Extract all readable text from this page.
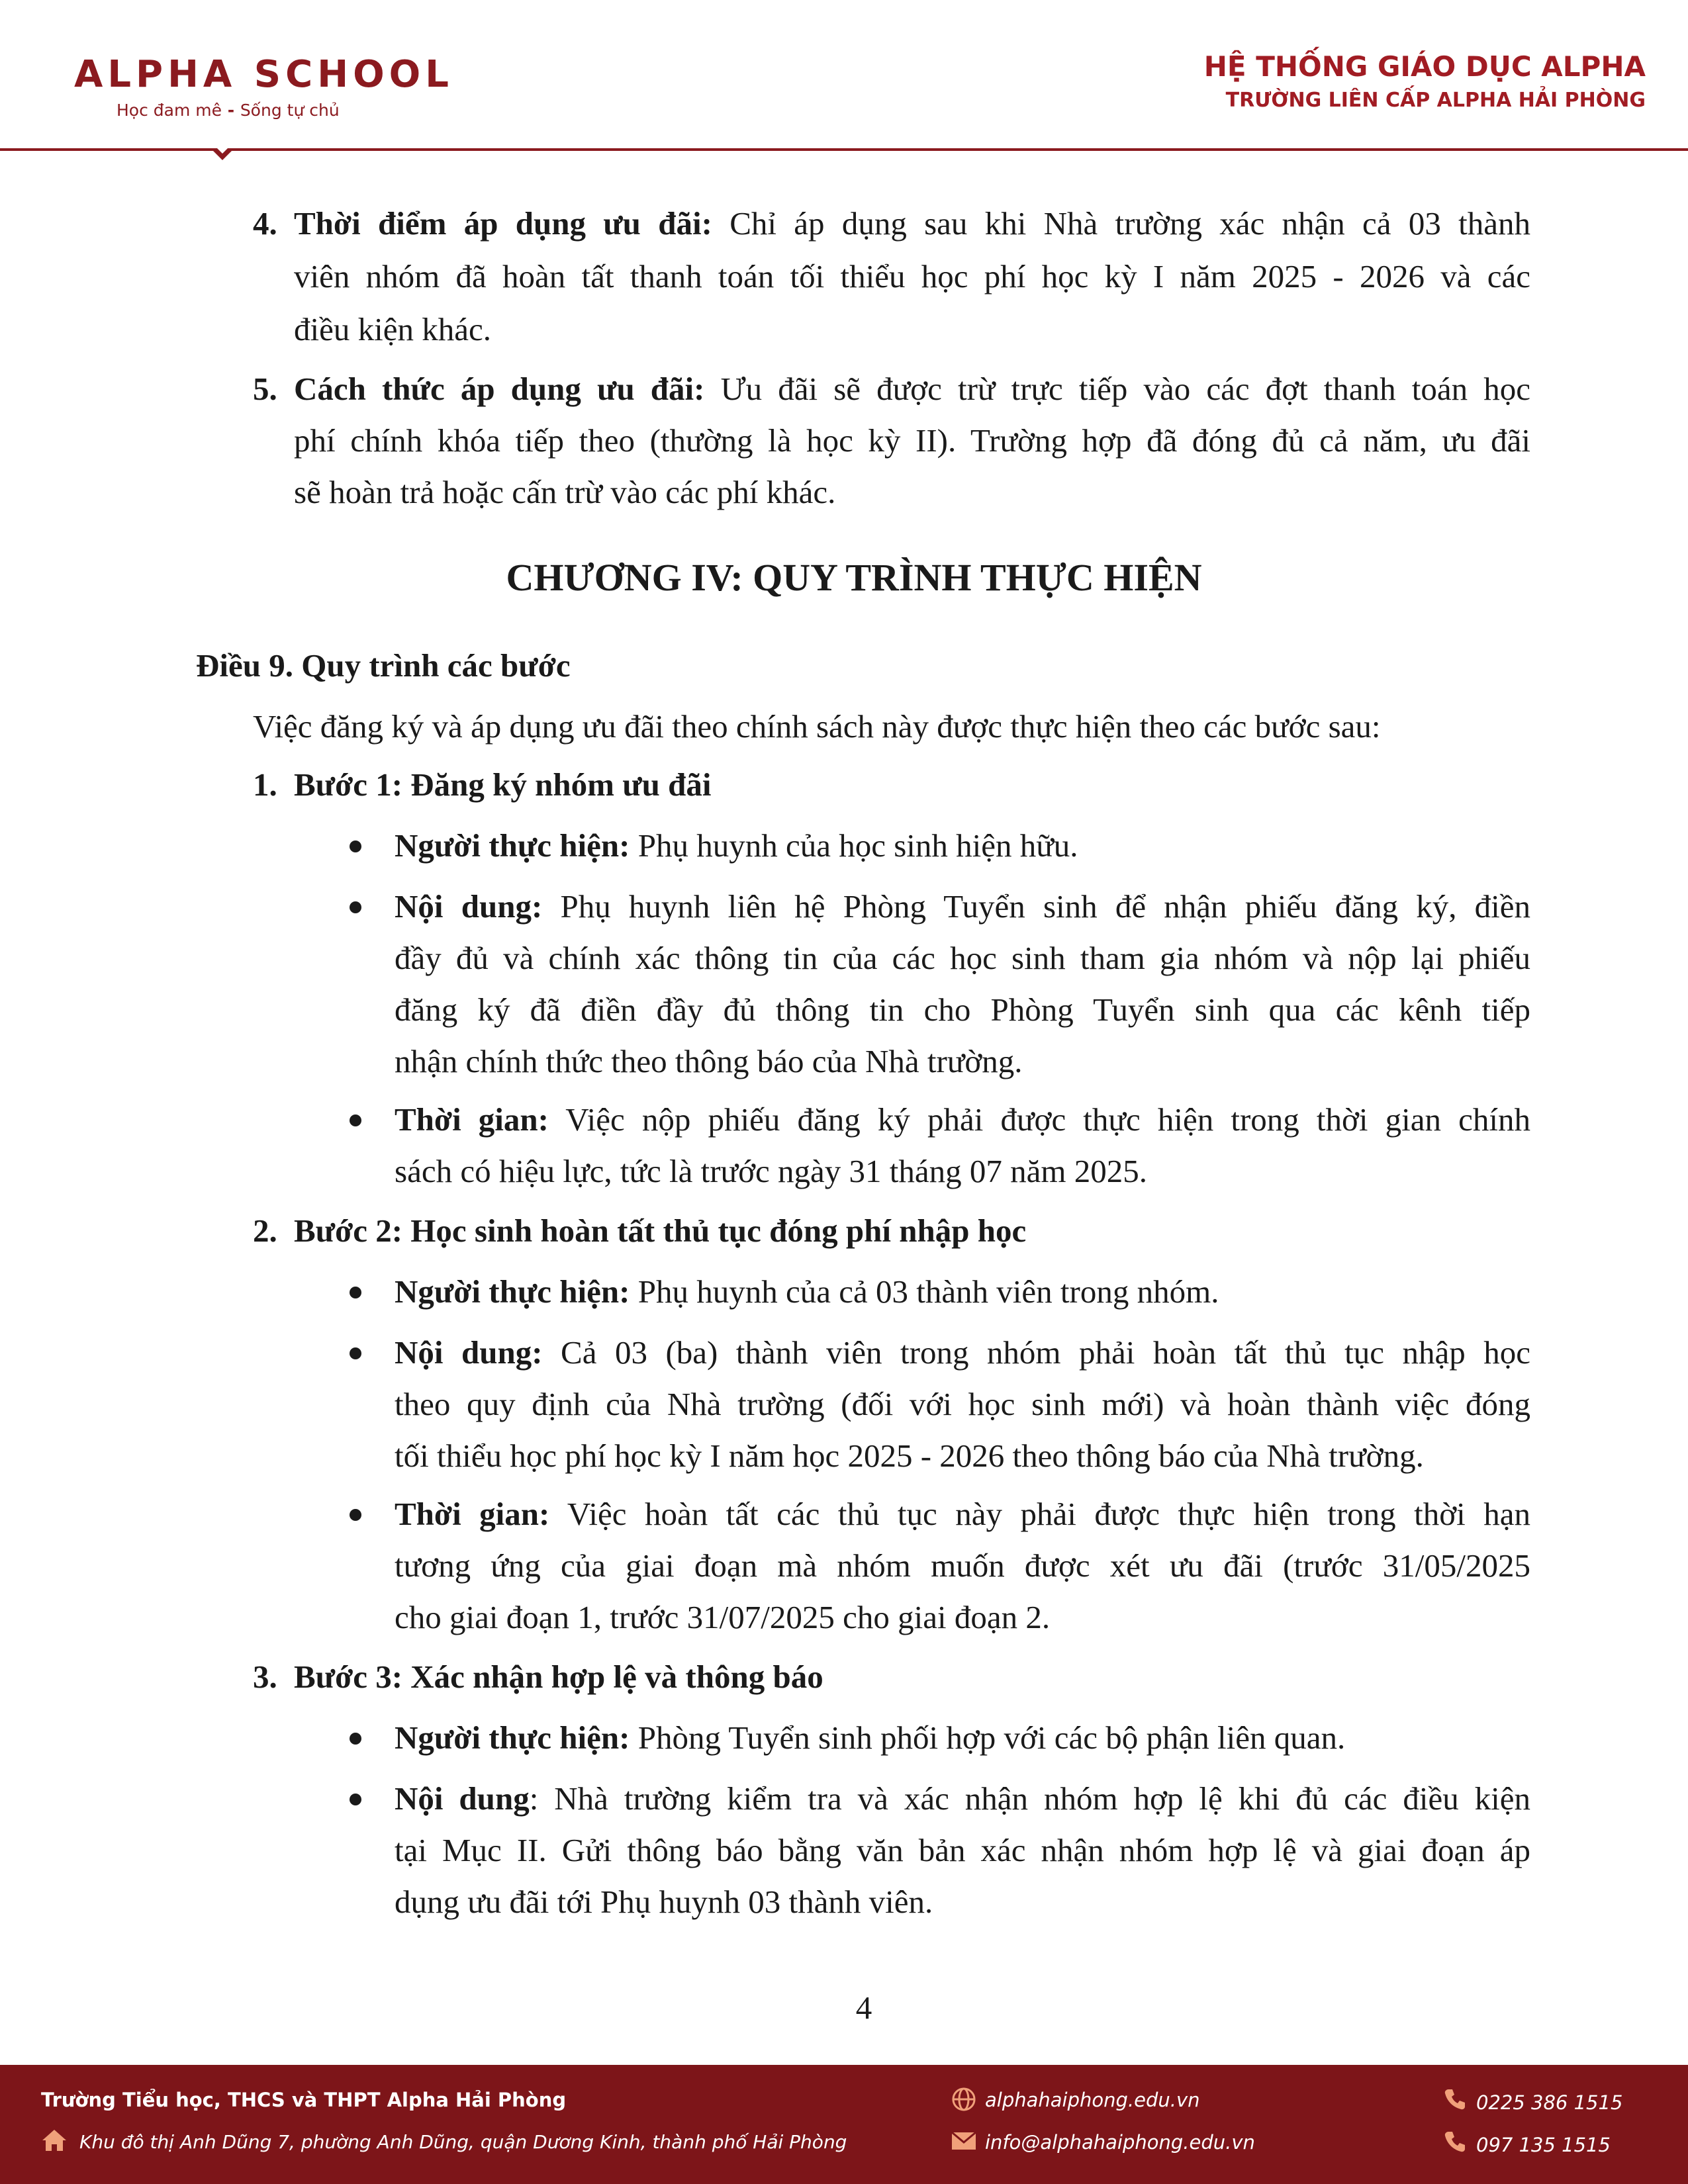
ALPHA SCHOOL
Học đam mê - Sống tự chủ
HỆ THỐNG GIÁO DỤC ALPHA
TRƯỜNG LIÊN CẤP ALPHA HẢI PHÒNG
4. Thời điểm áp dụng ưu đãi: Chỉ áp dụng sau khi Nhà trường xác nhận cả 03 thành
viên nhóm đã hoàn tất thanh toán tối thiểu học phí học kỳ I năm 2025 - 2026 và các
điều kiện khác.
5. Cách thức áp dụng ưu đãi: Ưu đãi sẽ được trừ trực tiếp vào các đợt thanh toán học
phí chính khóa tiếp theo (thường là học kỳ II). Trường hợp đã đóng đủ cả năm, ưu đãi
sẽ hoàn trả hoặc cấn trừ vào các phí khác.
CHƯƠNG IV: QUY TRÌNH THỰC HIỆN
Điều 9. Quy trình các bước
Việc đăng ký và áp dụng ưu đãi theo chính sách này được thực hiện theo các bước sau:
1. Bước 1: Đăng ký nhóm ưu đãi
Người thực hiện: Phụ huynh của học sinh hiện hữu.
Nội dung: Phụ huynh liên hệ Phòng Tuyển sinh để nhận phiếu đăng ký, điền
đầy đủ và chính xác thông tin của các học sinh tham gia nhóm và nộp lại phiếu
đăng ký đã điền đầy đủ thông tin cho Phòng Tuyển sinh qua các kênh tiếp
nhận chính thức theo thông báo của Nhà trường.
Thời gian: Việc nộp phiếu đăng ký phải được thực hiện trong thời gian chính
sách có hiệu lực, tức là trước ngày 31 tháng 07 năm 2025.
2. Bước 2: Học sinh hoàn tất thủ tục đóng phí nhập học
Người thực hiện: Phụ huynh của cả 03 thành viên trong nhóm.
Nội dung: Cả 03 (ba) thành viên trong nhóm phải hoàn tất thủ tục nhập học
theo quy định của Nhà trường (đối với học sinh mới) và hoàn thành việc đóng
tối thiểu học phí học kỳ I năm học 2025 - 2026 theo thông báo của Nhà trường.
Thời gian: Việc hoàn tất các thủ tục này phải được thực hiện trong thời hạn
tương ứng của giai đoạn mà nhóm muốn được xét ưu đãi (trước 31/05/2025
cho giai đoạn 1, trước 31/07/2025 cho giai đoạn 2.
3. Bước 3: Xác nhận hợp lệ và thông báo
Người thực hiện: Phòng Tuyển sinh phối hợp với các bộ phận liên quan.
Nội dung: Nhà trường kiểm tra và xác nhận nhóm hợp lệ khi đủ các điều kiện
tại Mục II. Gửi thông báo bằng văn bản xác nhận nhóm hợp lệ và giai đoạn áp
dụng ưu đãi tới Phụ huynh 03 thành viên.
4
Trường Tiểu học, THCS và THPT Alpha Hải Phòng
Khu đô thị Anh Dũng 7, phường Anh Dũng, quận Dương Kinh, thành phố Hải Phòng
alphahaiphong.edu.vn
info@alphahaiphong.edu.vn
0225 386 1515
097 135 1515
